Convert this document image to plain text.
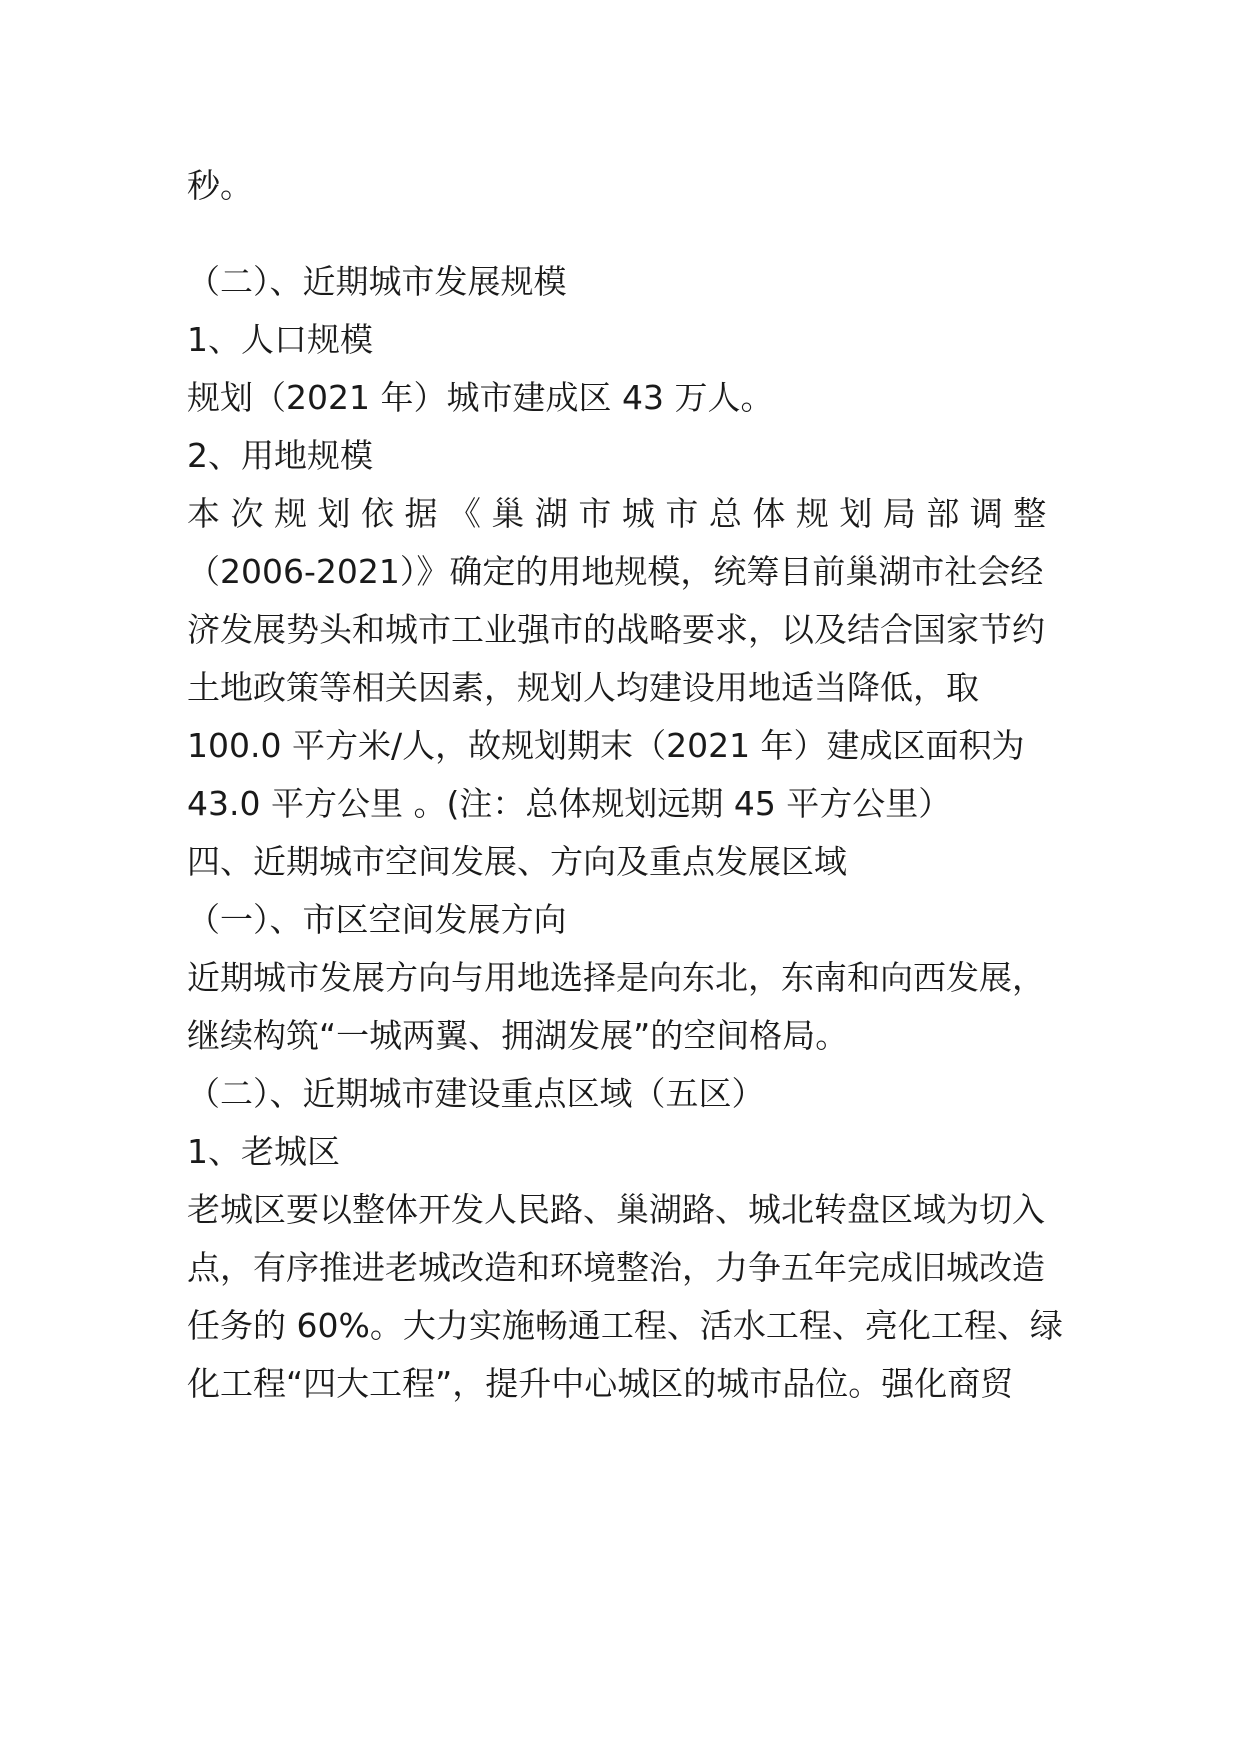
秒。
（二）、近期城市发展规模
1、人口规模
规划（2021 年）城市建成区 43 万人。
2、用地规模
本 次 规 划 依 据 《 巢 湖 市 城 市 总 体 规 划 局 部 调 整
（2006-2021）》确定的用地规模，统筹目前巢湖市社会经
济发展势头和城市工业强市的战略要求，以及结合国家节约
土地政策等相关因素，规划人均建设用地适当降低，取
100.0 平方米/人，故规划期末（2021 年）建成区面积为
43.0 平方公里 。(注：总体规划远期 45 平方公里）
四、近期城市空间发展、方向及重点发展区域
（一）、市区空间发展方向
近期城市发展方向与用地选择是向东北，东南和向西发展，
继续构筑“一城两翼、拥湖发展”的空间格局。
（二）、近期城市建设重点区域（五区）
1、老城区
老城区要以整体开发人民路、巢湖路、城北转盘区域为切入
点，有序推进老城改造和环境整治，力争五年完成旧城改造
任务的 60%。大力实施畅通工程、活水工程、亮化工程、绿
化工程“四大工程”，提升中心城区的城市品位。强化商贸
